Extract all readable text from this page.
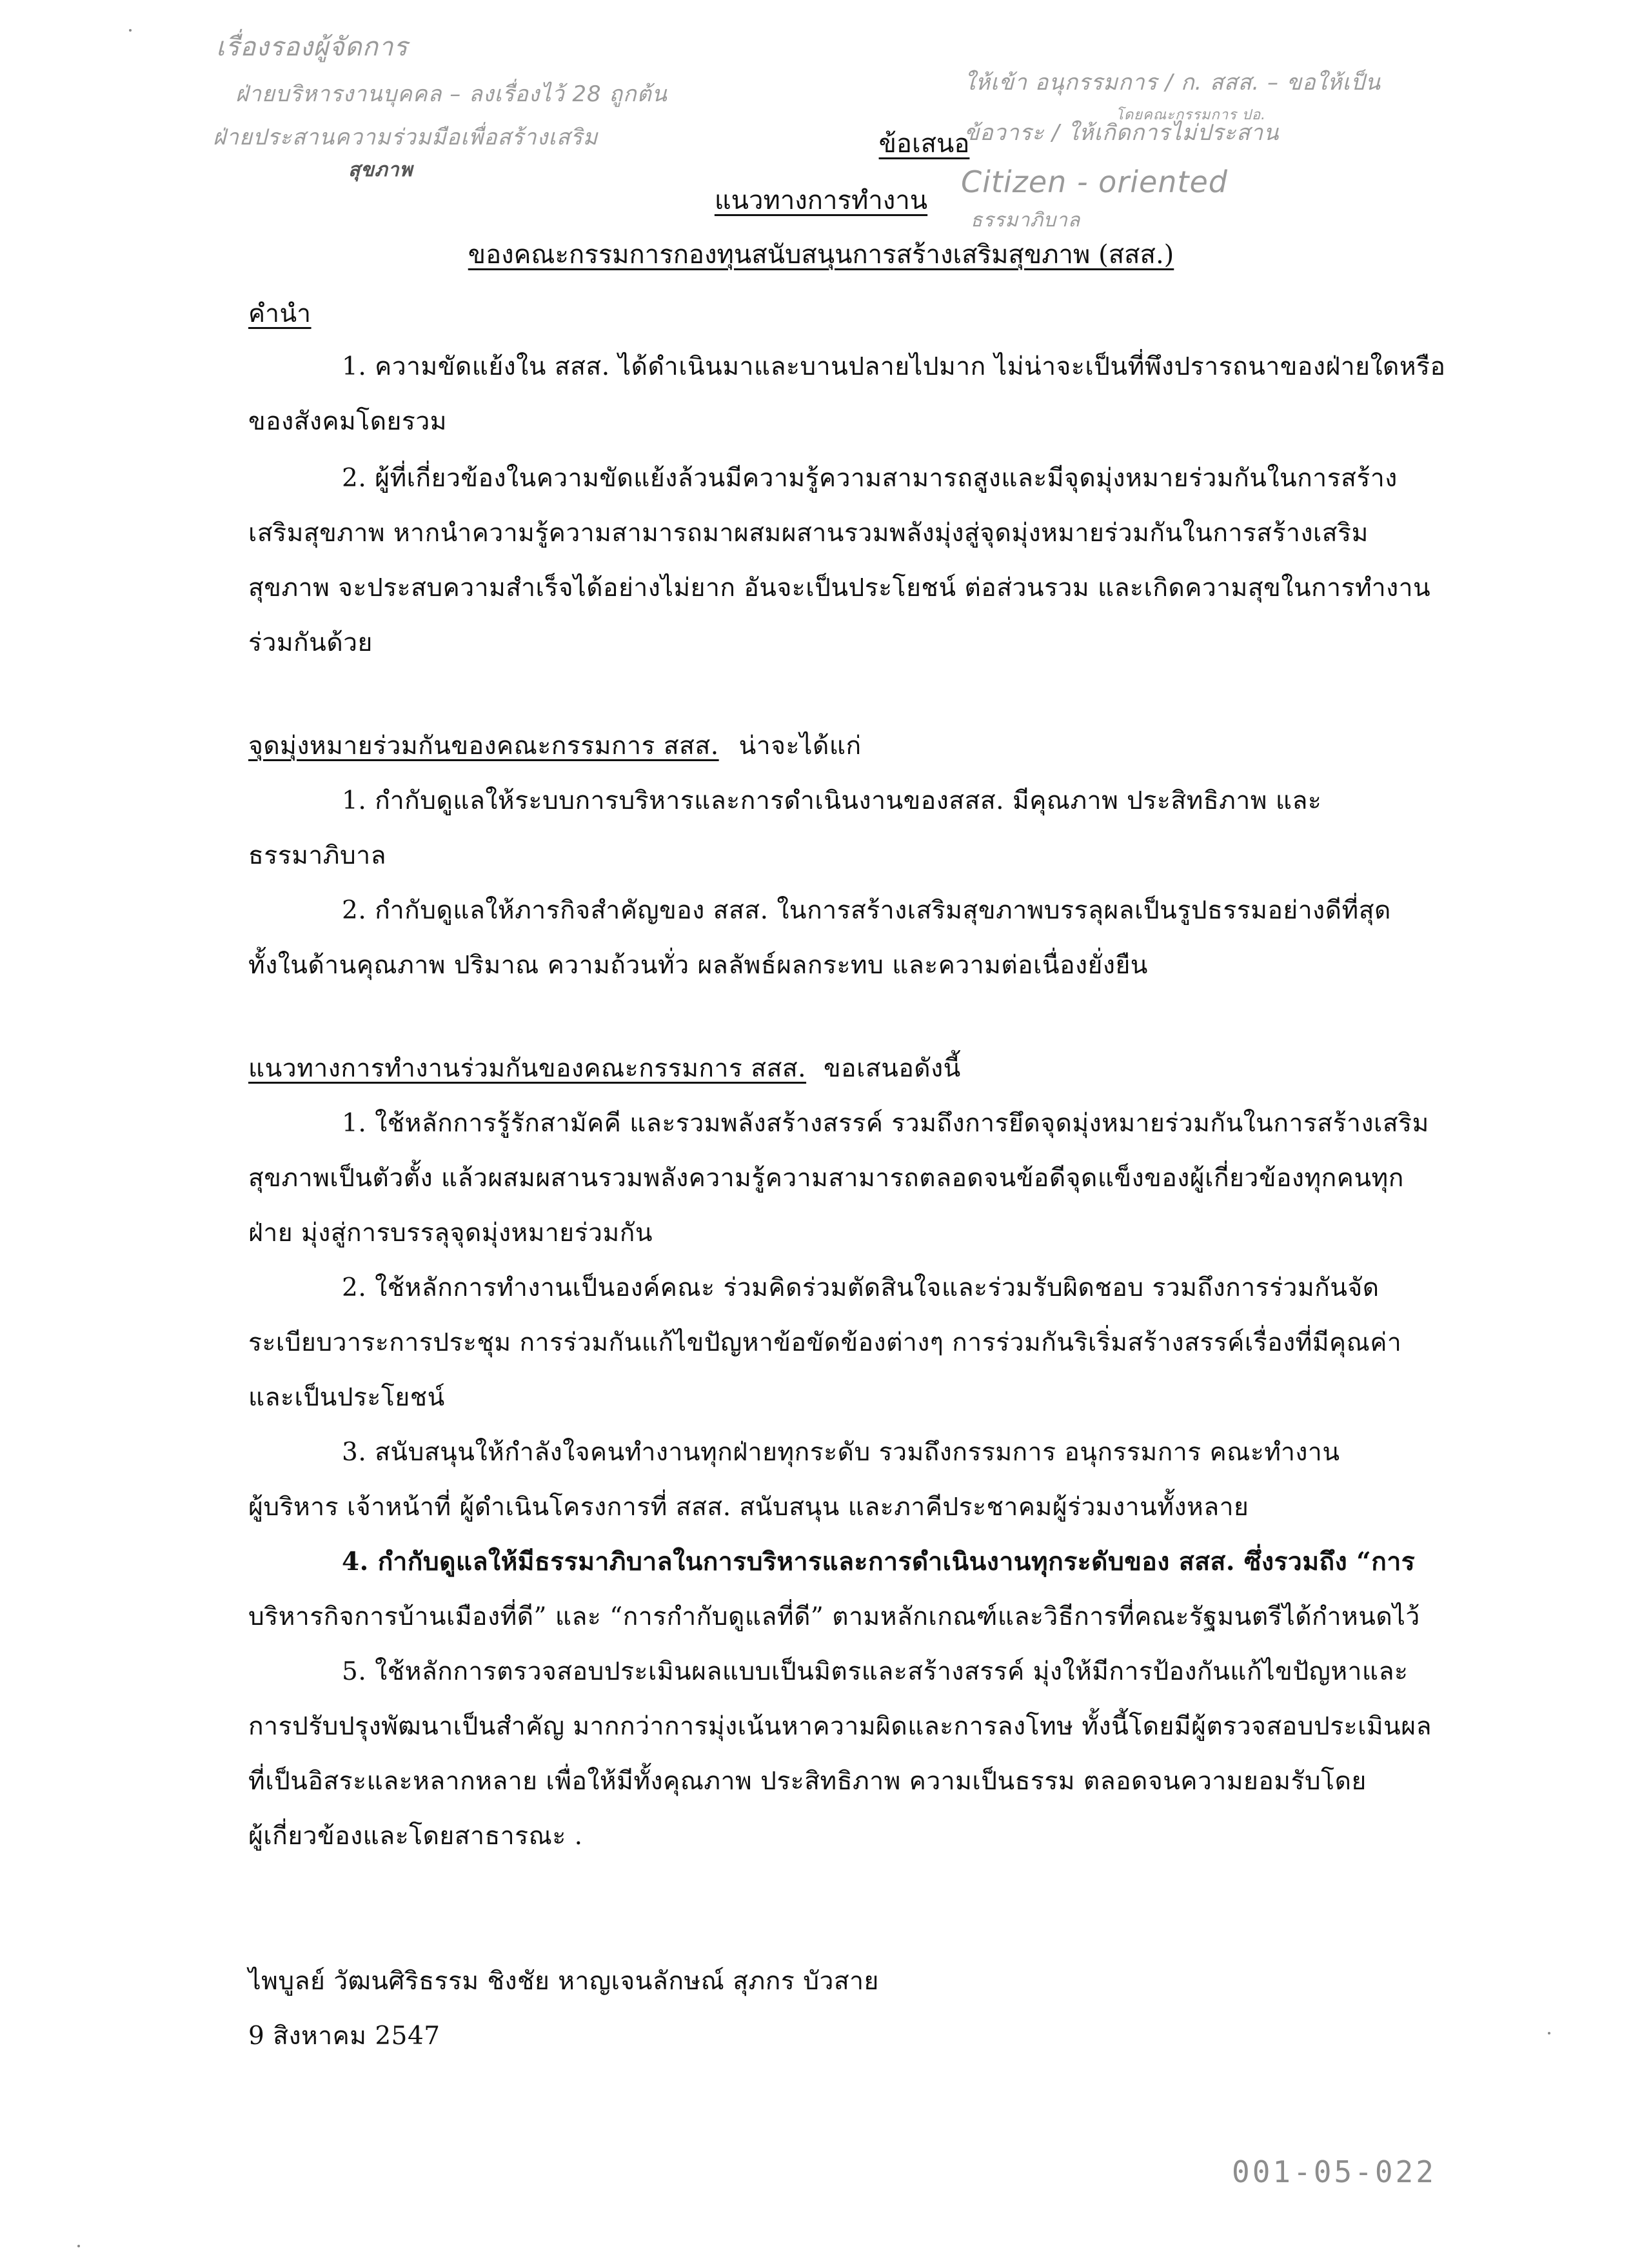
เรื่องรองผู้จัดการ
ฝ่ายบริหารงานบุคคล – ลงเรื่องไว้ 28 ถูกต้น
ฝ่ายประสานความร่วมมือเพื่อสร้างเสริม
สุขภาพ
ให้เข้า อนุกรรมการ / ก. สสส. – ขอให้เป็น
โดยคณะกรรมการ ปอ.
ข้อวาระ / ให้เกิดการไม่ประสาน
Citizen - oriented
ธรรมาภิบาล
ข้อเสนอ
แนวทางการทำงาน
ของคณะกรรมการกองทุนสนับสนุนการสร้างเสริมสุขภาพ (สสส.)
คำนำ
1. ความขัดแย้งใน สสส. ได้ดำเนินมาและบานปลายไปมาก ไม่น่าจะเป็นที่พึงปรารถนาของฝ่ายใดหรือ
ของสังคมโดยรวม
2. ผู้ที่เกี่ยวข้องในความขัดแย้งล้วนมีความรู้ความสามารถสูงและมีจุดมุ่งหมายร่วมกันในการสร้าง
เสริมสุขภาพ หากนำความรู้ความสามารถมาผสมผสานรวมพลังมุ่งสู่จุดมุ่งหมายร่วมกันในการสร้างเสริม
สุขภาพ จะประสบความสำเร็จได้อย่างไม่ยาก อันจะเป็นประโยชน์ ต่อส่วนรวม และเกิดความสุขในการทำงาน
ร่วมกันด้วย
จุดมุ่งหมายร่วมกันของคณะกรรมการ สสส. น่าจะได้แก่
1. กำกับดูแลให้ระบบการบริหารและการดำเนินงานของสสส. มีคุณภาพ ประสิทธิภาพ และ
ธรรมาภิบาล
2. กำกับดูแลให้ภารกิจสำคัญของ สสส. ในการสร้างเสริมสุขภาพบรรลุผลเป็นรูปธรรมอย่างดีที่สุด
ทั้งในด้านคุณภาพ ปริมาณ ความถ้วนทั่ว ผลลัพธ์ผลกระทบ และความต่อเนื่องยั่งยืน
แนวทางการทำงานร่วมกันของคณะกรรมการ สสส. ขอเสนอดังนี้
1. ใช้หลักการรู้รักสามัคคี และรวมพลังสร้างสรรค์ รวมถึงการยึดจุดมุ่งหมายร่วมกันในการสร้างเสริม
สุขภาพเป็นตัวตั้ง แล้วผสมผสานรวมพลังความรู้ความสามารถตลอดจนข้อดีจุดแข็งของผู้เกี่ยวข้องทุกคนทุก
ฝ่าย มุ่งสู่การบรรลุจุดมุ่งหมายร่วมกัน
2. ใช้หลักการทำงานเป็นองค์คณะ ร่วมคิดร่วมตัดสินใจและร่วมรับผิดชอบ รวมถึงการร่วมกันจัด
ระเบียบวาระการประชุม การร่วมกันแก้ไขปัญหาข้อขัดข้องต่างๆ การร่วมกันริเริ่มสร้างสรรค์เรื่องที่มีคุณค่า
และเป็นประโยชน์
3. สนับสนุนให้กำลังใจคนทำงานทุกฝ่ายทุกระดับ รวมถึงกรรมการ อนุกรรมการ คณะทำงาน
ผู้บริหาร เจ้าหน้าที่ ผู้ดำเนินโครงการที่ สสส. สนับสนุน และภาคีประชาคมผู้ร่วมงานทั้งหลาย
4. กำกับดูแลให้มีธรรมาภิบาลในการบริหารและการดำเนินงานทุกระดับของ สสส. ซึ่งรวมถึง “การ
บริหารกิจการบ้านเมืองที่ดี” และ “การกำกับดูแลที่ดี” ตามหลักเกณฑ์และวิธีการที่คณะรัฐมนตรีได้กำหนดไว้
5. ใช้หลักการตรวจสอบประเมินผลแบบเป็นมิตรและสร้างสรรค์ มุ่งให้มีการป้องกันแก้ไขปัญหาและ
การปรับปรุงพัฒนาเป็นสำคัญ มากกว่าการมุ่งเน้นหาความผิดและการลงโทษ ทั้งนี้โดยมีผู้ตรวจสอบประเมินผล
ที่เป็นอิสระและหลากหลาย เพื่อให้มีทั้งคุณภาพ ประสิทธิภาพ ความเป็นธรรม ตลอดจนความยอมรับโดย
ผู้เกี่ยวข้องและโดยสาธารณะ .
ไพบูลย์ วัฒนศิริธรรม ชิงชัย หาญเจนลักษณ์ สุภกร บัวสาย
9 สิงหาคม 2547
001-05-022
